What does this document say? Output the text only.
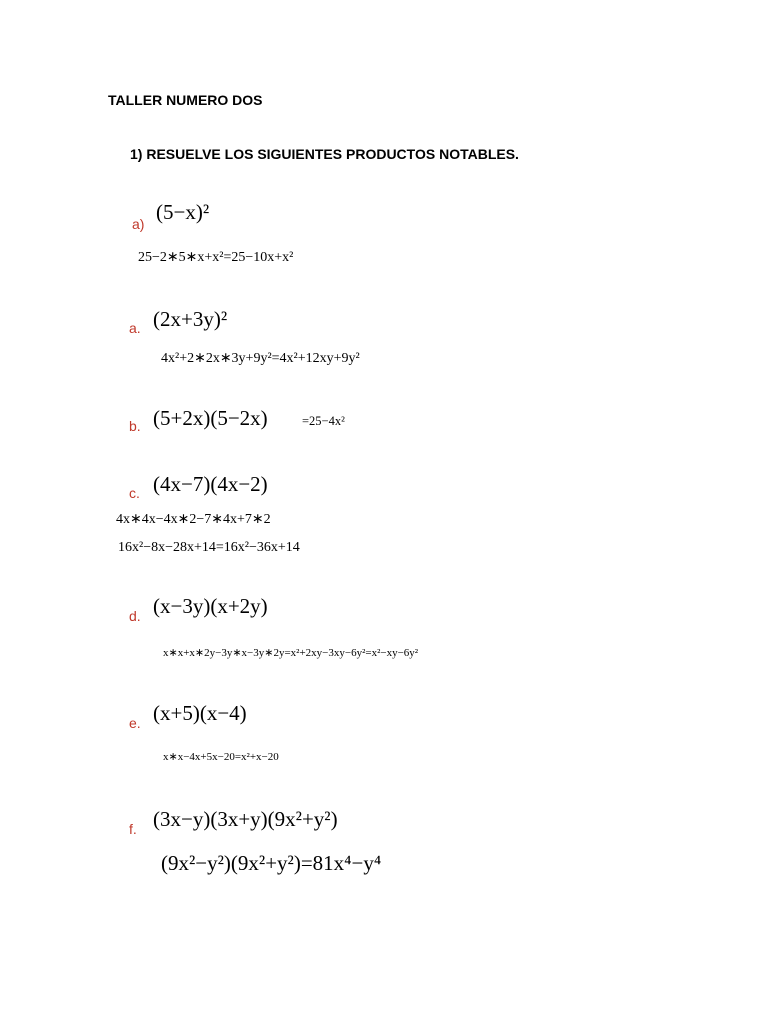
TALLER NUMERO DOS
1) RESUELVE LOS SIGUIENTES PRODUCTOS NOTABLES.
a) (5−x)²
25−2∗5∗x+x²=25−10x+x²
a. (2x+3y)²
4x²+2∗2x∗3y+9y²=4x²+12xy+9y²
b. (5+2x)(5−2x)	=25−4x²
c. (4x−7)(4x−2)
4x∗4x−4x∗2−7∗4x+7∗2
16x²−8x−28x+14=16x²−36x+14
d. (x−3y)(x+2y)
x∗x+x∗2y−3y∗x−3y∗2y=x²+2xy−3xy−6y²=x²−xy−6y²
e. (x+5)(x−4)
x∗x−4x+5x−20=x²+x−20
f. (3x−y)(3x+y)(9x²+y²)
(9x²−y²)(9x²+y²)=81x⁴−y⁴
